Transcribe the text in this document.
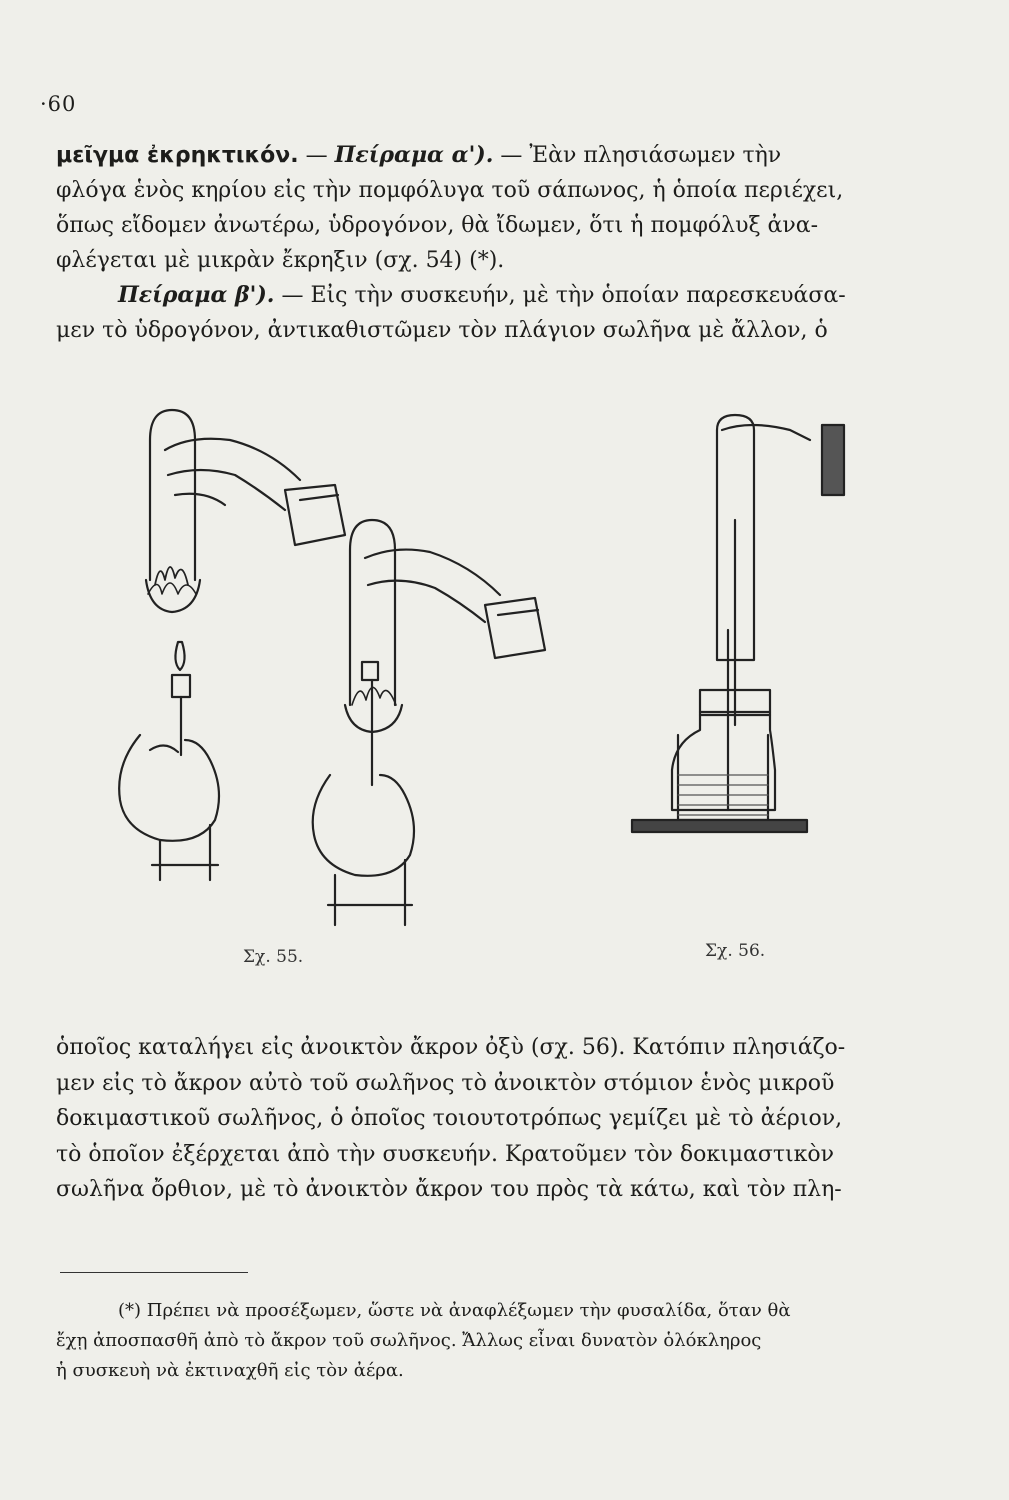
·60
μεῖγμα ἐκρηκτικόν. — Πείραμα α'). — Ἐὰν πλησιάσωμεν τὴν
φλόγα ἑνὸς κηρίου εἰς τὴν πομφόλυγα τοῦ σάπωνος, ἡ ὁποία περιέχει,
ὅπως εἴδομεν ἀνωτέρω, ὑδρογόνον, θὰ ἴδωμεν, ὅτι ἡ πομφόλυξ ἀνα-
φλέγεται μὲ μικρὰν ἔκρηξιν (σχ. 54) (*).
Πείραμα β'). — Εἰς τὴν συσκευήν, μὲ τὴν ὁποίαν παρεσκευάσα-
μεν τὸ ὑδρογόνον, ἀντικαθιστῶμεν τὸν πλάγιον σωλῆνα μὲ ἄλλον, ὁ
Σχ. 55.	Σχ. 56.
ὁποῖος καταλήγει εἰς ἀνοικτὸν ἄκρον ὀξὺ (σχ. 56). Κατόπιν πλησιάζο-
μεν εἰς τὸ ἄκρον αὐτὸ τοῦ σωλῆνος τὸ ἀνοικτὸν στόμιον ἑνὸς μικροῦ
δοκιμαστικοῦ σωλῆνος, ὁ ὁποῖος τοιουτοτρόπως γεμίζει μὲ τὸ ἀέριον,
τὸ ὁποῖον ἐξέρχεται ἀπὸ τὴν συσκευήν. Κρατοῦμεν τὸν δοκιμαστικὸν
σωλῆνα ὄρθιον, μὲ τὸ ἀνοικτὸν ἄκρον του πρὸς τὰ κάτω, καὶ τὸν πλη-
(*) Πρέπει νὰ προσέξωμεν, ὥστε νὰ ἀναφλέξωμεν τὴν φυσαλίδα, ὅταν θὰ
ἔχῃ ἀποσπασθῆ ἀπὸ τὸ ἄκρον τοῦ σωλῆνος. Ἄλλως εἶναι δυνατὸν ὁλόκληρος
ἡ συσκευὴ νὰ ἐκτιναχθῆ εἰς τὸν ἀέρα.
